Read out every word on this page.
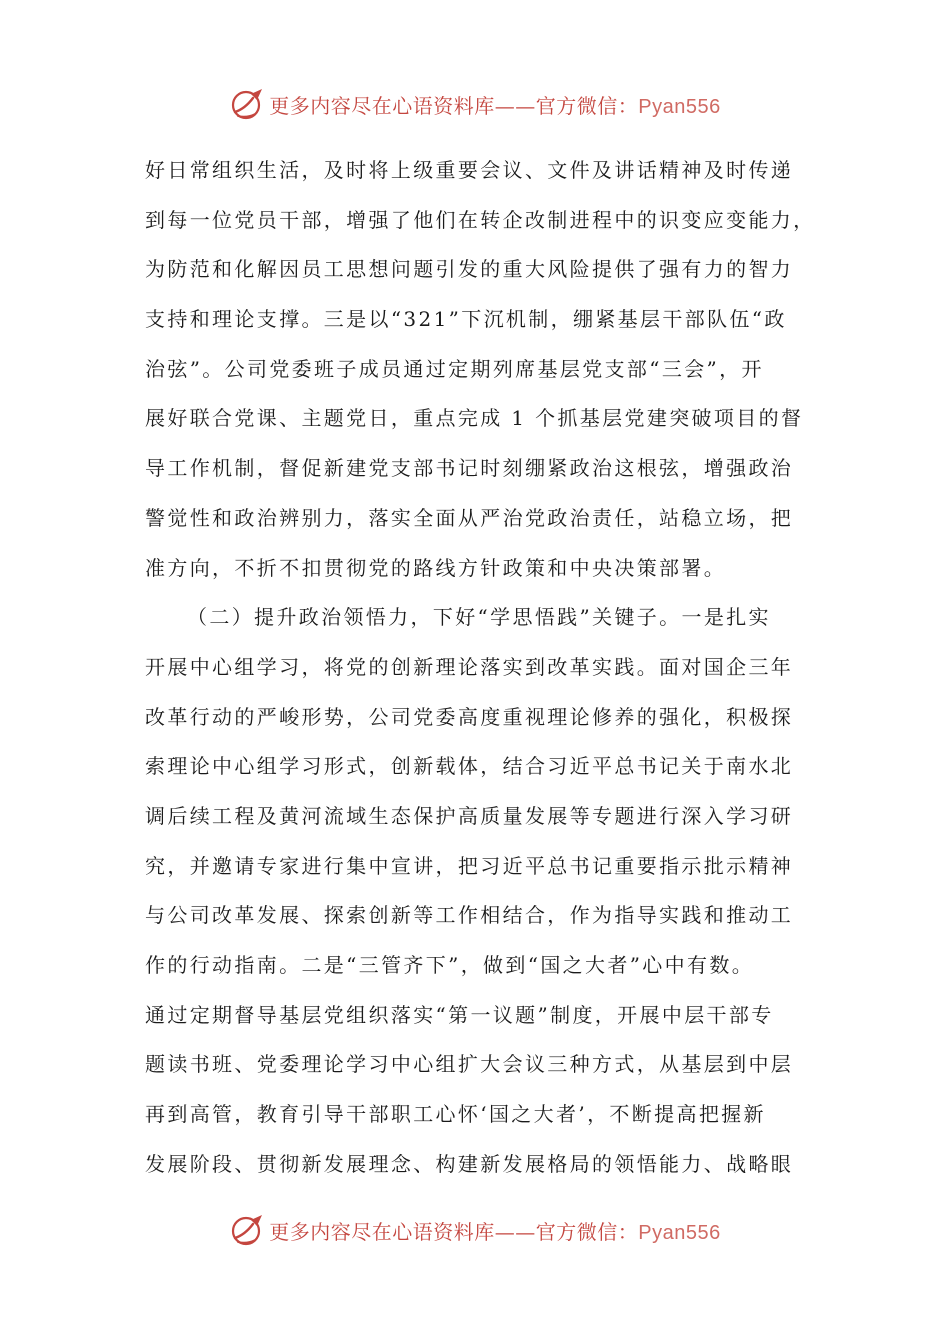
更多内容尽在心语资料库——官方微信：Pyan556
好日常组织生活，及时将上级重要会议、文件及讲话精神及时传递
到每一位党员干部，增强了他们在转企改制进程中的识变应变能力，
为防范和化解因员工思想问题引发的重大风险提供了强有力的智力
支持和理论支撑。三是以“321”下沉机制，绷紧基层干部队伍“政
治弦”。公司党委班子成员通过定期列席基层党支部“三会”，开
展好联合党课、主题党日，重点完成 1 个抓基层党建突破项目的督
导工作机制，督促新建党支部书记时刻绷紧政治这根弦，增强政治
警觉性和政治辨别力，落实全面从严治党政治责任，站稳立场，把
准方向，不折不扣贯彻党的路线方针政策和中央决策部署。
（二）提升政治领悟力，下好“学思悟践”关键子。一是扎实
开展中心组学习，将党的创新理论落实到改革实践。面对国企三年
改革行动的严峻形势，公司党委高度重视理论修养的强化，积极探
索理论中心组学习形式，创新载体，结合习近平总书记关于南水北
调后续工程及黄河流域生态保护高质量发展等专题进行深入学习研
究，并邀请专家进行集中宣讲，把习近平总书记重要指示批示精神
与公司改革发展、探索创新等工作相结合，作为指导实践和推动工
作的行动指南。二是“三管齐下”，做到“国之大者”心中有数。
通过定期督导基层党组织落实“第一议题”制度，开展中层干部专
题读书班、党委理论学习中心组扩大会议三种方式，从基层到中层
再到高管，教育引导干部职工心怀‘国之大者’，不断提高把握新
发展阶段、贯彻新发展理念、构建新发展格局的领悟能力、战略眼
更多内容尽在心语资料库——官方微信：Pyan556
